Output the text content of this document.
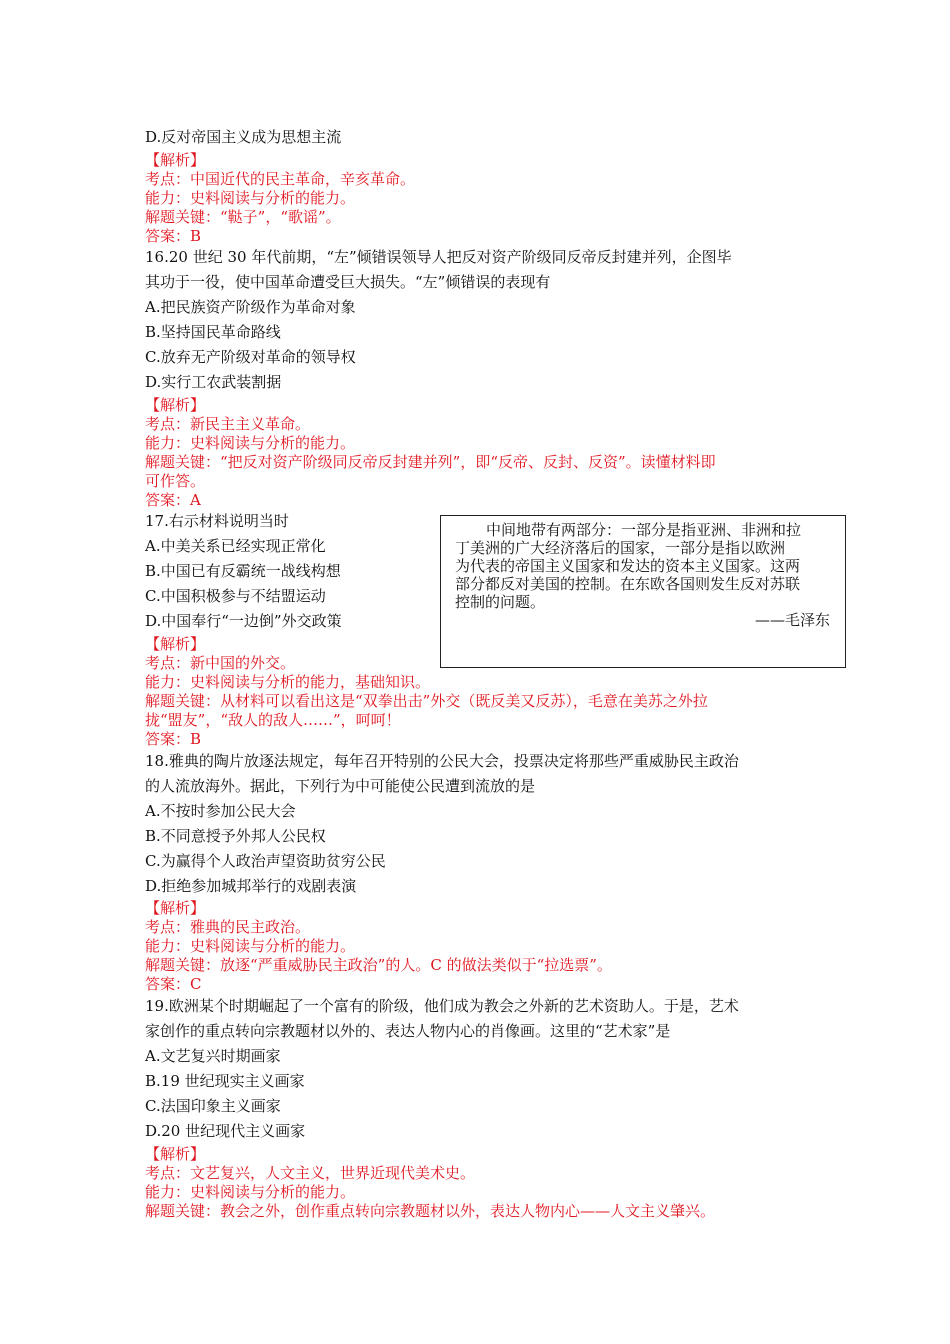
D.反对帝国主义成为思想主流
【解析】
考点：中国近代的民主革命，辛亥革命。
能力：史料阅读与分析的能力。
解题关键：“鞑子”，“歌谣”。
答案：B
16.20 世纪 30 年代前期，“左”倾错误领导人把反对资产阶级同反帝反封建并列，企图毕
其功于一役，使中国革命遭受巨大损失。“左”倾错误的表现有
A.把民族资产阶级作为革命对象
B.坚持国民革命路线
C.放弃无产阶级对革命的领导权
D.实行工农武装割据
【解析】
考点：新民主主义革命。
能力：史料阅读与分析的能力。
解题关键：“把反对资产阶级同反帝反封建并列”，即“反帝、反封、反资”。读懂材料即
可作答。
答案：A
17.右示材料说明当时
A.中美关系已经实现正常化
B.中国已有反霸统一战线构想
C.中国积极参与不结盟运动
D.中国奉行“一边倒”外交政策
【解析】
考点：新中国的外交。
能力：史料阅读与分析的能力，基础知识。
解题关键：从材料可以看出这是“双拳出击”外交（既反美又反苏），毛意在美苏之外拉
拢“盟友”，“敌人的敌人……”，呵呵！
答案：B
中间地带有两部分：一部分是指亚洲、非洲和拉
丁美洲的广大经济落后的国家，一部分是指以欧洲
为代表的帝国主义国家和发达的资本主义国家。这两
部分都反对美国的控制。在东欧各国则发生反对苏联
控制的问题。
——毛泽东
18.雅典的陶片放逐法规定，每年召开特别的公民大会，投票决定将那些严重威胁民主政治
的人流放海外。据此，下列行为中可能使公民遭到流放的是
A.不按时参加公民大会
B.不同意授予外邦人公民权
C.为赢得个人政治声望资助贫穷公民
D.拒绝参加城邦举行的戏剧表演
【解析】
考点：雅典的民主政治。
能力：史料阅读与分析的能力。
解题关键：放逐“严重威胁民主政治”的人。C 的做法类似于“拉选票”。
答案：C
19.欧洲某个时期崛起了一个富有的阶级，他们成为教会之外新的艺术资助人。于是，艺术
家创作的重点转向宗教题材以外的、表达人物内心的肖像画。这里的“艺术家”是
A.文艺复兴时期画家
B.19 世纪现实主义画家
C.法国印象主义画家
D.20 世纪现代主义画家
【解析】
考点：文艺复兴，人文主义，世界近现代美术史。
能力：史料阅读与分析的能力。
解题关键：教会之外，创作重点转向宗教题材以外，表达人物内心——人文主义肇兴。
